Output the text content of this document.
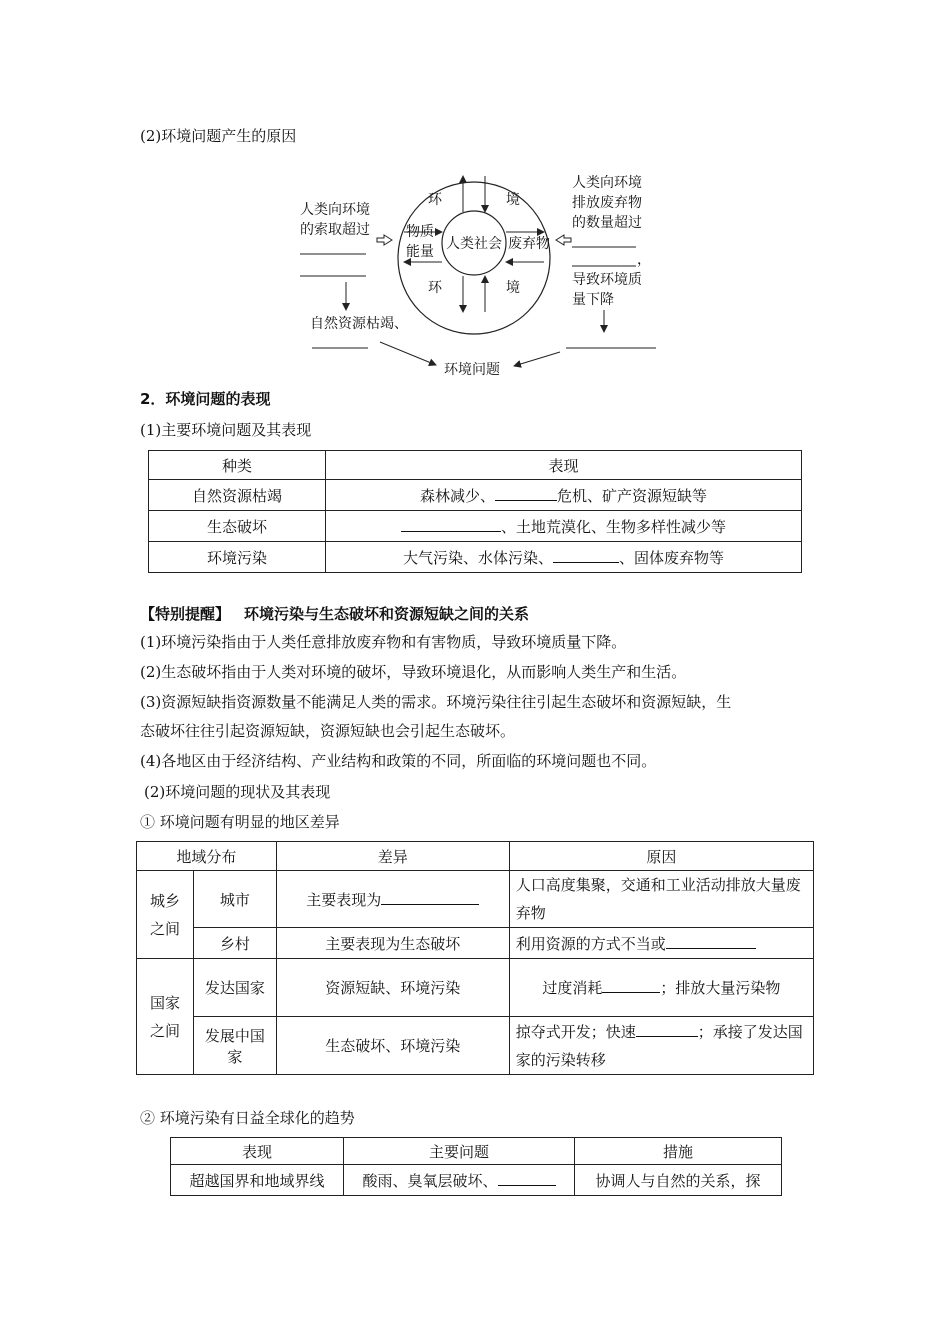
(2)环境问题产生的原因
环	境
环	境
人类社会
物质
能量	废弃物
人类向环境
的索取超过
人类向环境
排放废弃物
的数量超过
，
导致环境质
量下降
自然资源枯竭、
环境问题
2．环境问题的表现
(1)主要环境问题及其表现
种类	表现
自然资源枯竭	森林减少、 危机、矿产资源短缺等
生态破坏	、土地荒漠化、生物多样性减少等
环境污染	大气污染、水体污染、 、固体废弃物等
【特别提醒】 环境污染与生态破坏和资源短缺之间的关系
(1)环境污染指由于人类任意排放废弃物和有害物质，导致环境质量下降。
(2)生态破坏指由于人类对环境的破坏，导致环境退化，从而影响人类生产和生活。
(3)资源短缺指资源数量不能满足人类的需求。环境污染往往引起生态破坏和资源短缺，生
态破坏往往引起资源短缺，资源短缺也会引起生态破坏。
(4)各地区由于经济结构、产业结构和政策的不同，所面临的环境问题也不同。
(2)环境问题的现状及其表现
① 环境问题有明显的地区差异
地域分布		差异	原因
城乡之间	城市	主要表现为	人口高度集聚，交通和工业活动排放大量废弃物
	乡村	主要表现为生态破坏	利用资源的方式不当或
国家之间	发达国家	资源短缺、环境污染	过度消耗 ；排放大量污染物
	发展中国家	生态破坏、环境污染	掠夺式开发；快速 ；承接了发达国家的污染转移
② 环境污染有日益全球化的趋势
表现	主要问题	措施
超越国界和地域界线	酸雨、臭氧层破坏、	协调人与自然的关系，探
